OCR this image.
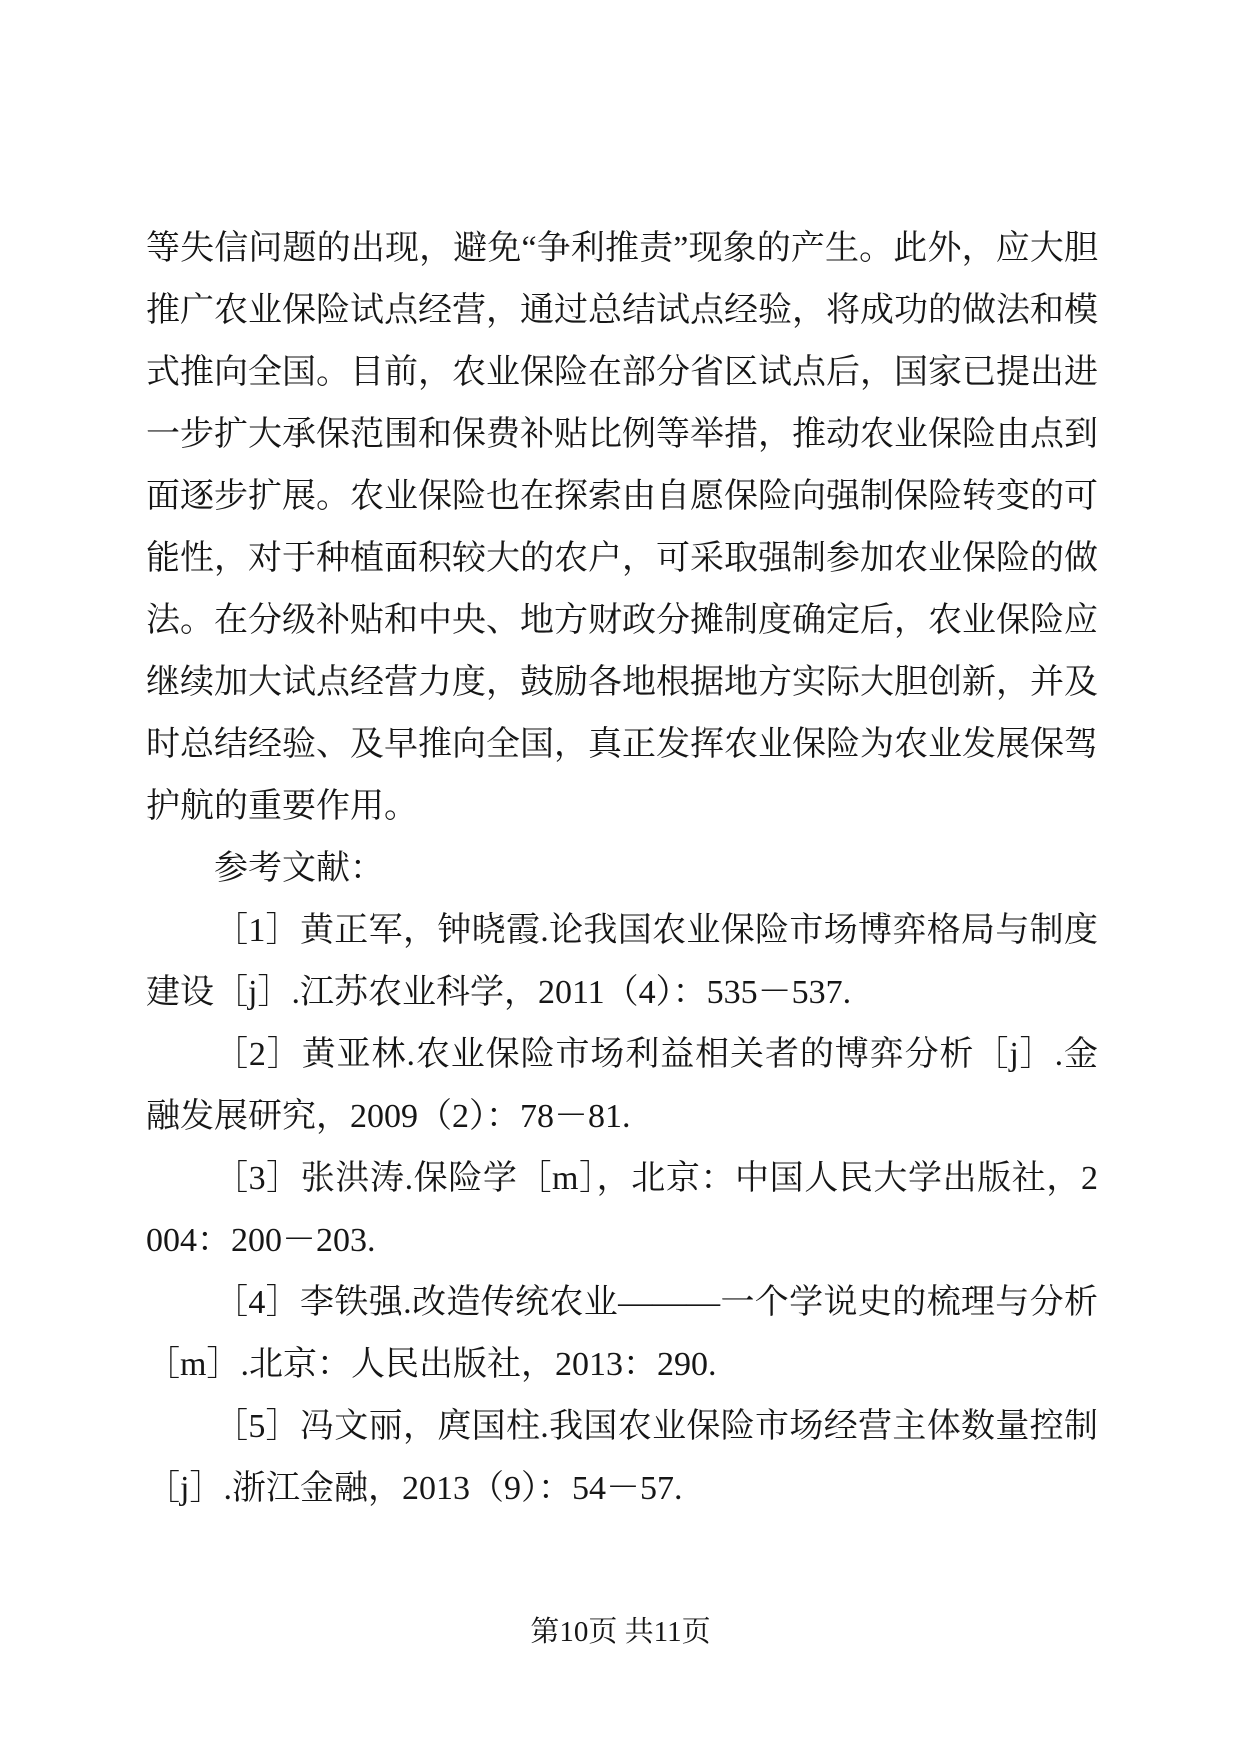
等失信问题的出现，避免“争利推责”现象的产生。此外，应大胆推广农业保险试点经营，通过总结试点经验，将成功的做法和模式推向全国。目前，农业保险在部分省区试点后，国家已提出进一步扩大承保范围和保费补贴比例等举措，推动农业保险由点到面逐步扩展。农业保险也在探索由自愿保险向强制保险转变的可能性，对于种植面积较大的农户，可采取强制参加农业保险的做法。在分级补贴和中央、地方财政分摊制度确定后，农业保险应继续加大试点经营力度，鼓励各地根据地方实际大胆创新，并及时总结经验、及早推向全国，真正发挥农业保险为农业发展保驾护航的重要作用。

参考文献：

［1］黄正军，钟晓霞.论我国农业保险市场博弈格局与制度建设［j］.江苏农业科学，2011（4）：535－537.

［2］黄亚林.农业保险市场利益相关者的博弈分析［j］.金融发展研究，2009（2）：78－81.

［3］张洪涛.保险学［m］，北京：中国人民大学出版社，2004：200－203.

［4］李铁强.改造传统农业———一个学说史的梳理与分析［m］.北京：人民出版社，2013：290.

［5］冯文丽，庹国柱.我国农业保险市场经营主体数量控制［j］.浙江金融，2013（9）：54－57.

第10页 共11页
